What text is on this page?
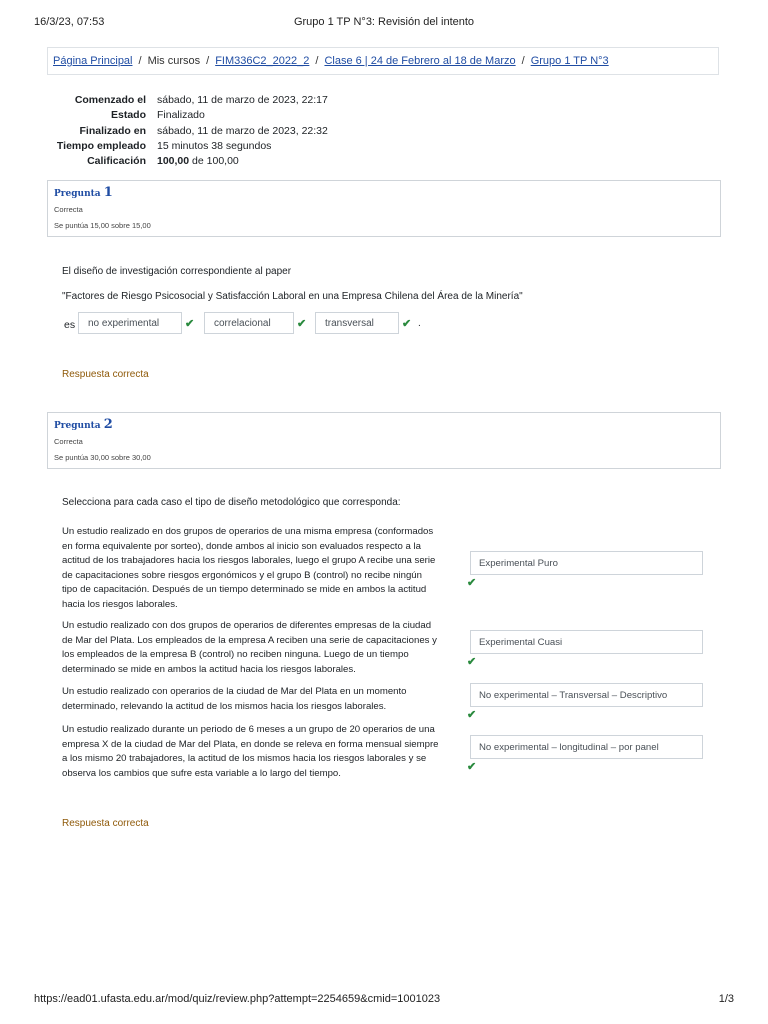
16/3/23, 07:53	Grupo 1 TP N°3: Revisión del intento
Página Principal / Mis cursos / FIM336C2_2022_2 / Clase 6 | 24 de Febrero al 18 de Marzo / Grupo 1 TP N°3
Comenzado el sábado, 11 de marzo de 2023, 22:17
Estado Finalizado
Finalizado en sábado, 11 de marzo de 2023, 22:32
Tiempo empleado 15 minutos 38 segundos
Calificación 100,00 de 100,00
Pregunta 1
Correcta
Se puntúa 15,00 sobre 15,00
El diseño de investigación correspondiente al paper
"Factores de Riesgo Psicosocial y Satisfacción Laboral en una Empresa Chilena del Área de la Minería"
es	no experimental	✔	correlacional	✔	transversal	✔ .
Respuesta correcta
Pregunta 2
Correcta
Se puntúa 30,00 sobre 30,00
Selecciona para cada caso el tipo de diseño metodológico que corresponda:
Un estudio realizado en dos grupos de operarios de una misma empresa (conformados
en forma equivalente por sorteo), donde ambos al inicio son evaluados respecto a la
actitud de los trabajadores hacia los riesgos laborales, luego el grupo A recibe una serie
de capacitaciones sobre riesgos ergonómicos y el grupo B (control) no recibe ningún
tipo de capacitación. Después de un tiempo determinado se mide en ambos la actitud
hacia los riesgos laborales.
Experimental Puro
✔
Un estudio realizado con dos grupos de operarios de diferentes empresas de la ciudad
de Mar del Plata. Los empleados de la empresa A reciben una serie de capacitaciones y
los empleados de la empresa B (control) no reciben ninguna. Luego de un tiempo
determinado se mide en ambos la actitud hacia los riesgos laborales.
Experimental Cuasi
✔
Un estudio realizado con operarios de la ciudad de Mar del Plata en un momento
determinado, relevando la actitud de los mismos hacia los riesgos laborales.
No experimental – Transversal – Descriptivo
✔
Un estudio realizado durante un periodo de 6 meses a un grupo de 20 operarios de una
empresa X de la ciudad de Mar del Plata, en donde se releva en forma mensual siempre
a los mismo 20 trabajadores, la actitud de los mismos hacia los riesgos laborales y se
observa los cambios que sufre esta variable a lo largo del tiempo.
No experimental – longitudinal – por panel
✔
Respuesta correcta
https://ead01.ufasta.edu.ar/mod/quiz/review.php?attempt=2254659&cmid=1001023	1/3
